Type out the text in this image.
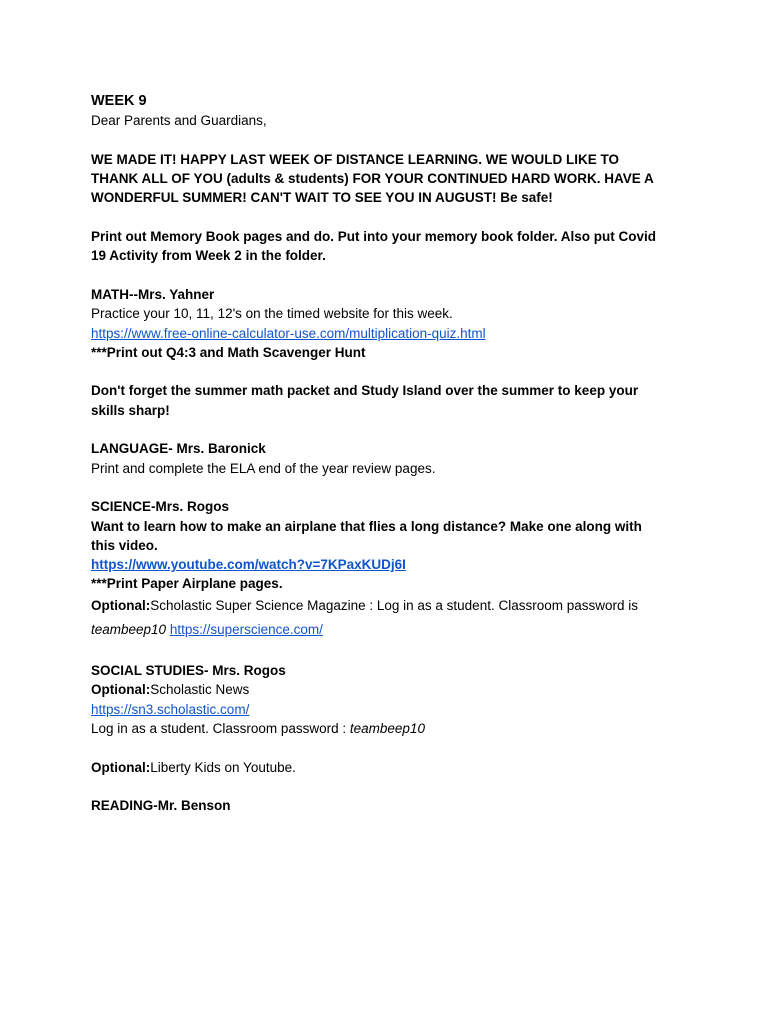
WEEK 9
Dear Parents and Guardians,
WE MADE IT! HAPPY LAST WEEK OF DISTANCE LEARNING. WE WOULD LIKE TO
THANK ALL OF YOU (adults & students) FOR YOUR CONTINUED HARD WORK. HAVE A
WONDERFUL SUMMER! CAN'T WAIT TO SEE YOU IN AUGUST! Be safe!
Print out Memory Book pages and do. Put into your memory book folder. Also put Covid
19 Activity from Week 2 in the folder.
MATH--Mrs. Yahner
Practice your 10, 11, 12's on the timed website for this week.
https://www.free-online-calculator-use.com/multiplication-quiz.html
***Print out Q4:3 and Math Scavenger Hunt
Don't forget the summer math packet and Study Island over the summer to keep your
skills sharp!
LANGUAGE- Mrs. Baronick
Print and complete the ELA end of the year review pages.
SCIENCE-Mrs. Rogos
Want to learn how to make an airplane that flies a long distance? Make one along with
this video.
https://www.youtube.com/watch?v=7KPaxKUDj6I
***Print Paper Airplane pages.
Optional:Scholastic Super Science Magazine : Log in as a student. Classroom password is
teambeep10 https://superscience.com/
SOCIAL STUDIES- Mrs. Rogos
Optional:Scholastic News
https://sn3.scholastic.com/
Log in as a student. Classroom password : teambeep10
Optional:Liberty Kids on Youtube.
READING-Mr. Benson
